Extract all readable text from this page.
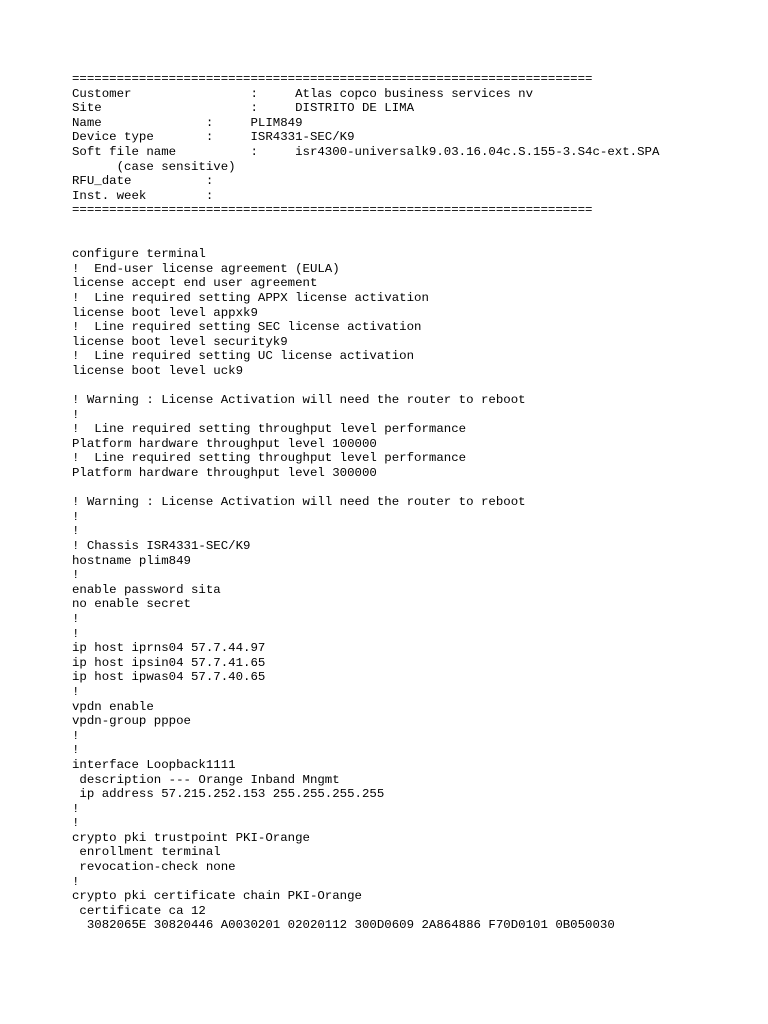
======================================================================
Customer                :     Atlas copco business services nv
Site                    :     DISTRITO DE LIMA
Name              :     PLIM849
Device type       :     ISR4331-SEC/K9
Soft file name          :     isr4300-universalk9.03.16.04c.S.155-3.S4c-ext.SPA
(case sensitive)
RFU_date          :
Inst. week        :
======================================================================
configure terminal
!  End-user license agreement (EULA)
license accept end user agreement
!  Line required setting APPX license activation
license boot level appxk9
!  Line required setting SEC license activation
license boot level securityk9
!  Line required setting UC license activation
license boot level uck9
! Warning : License Activation will need the router to reboot
!
!  Line required setting throughput level performance
Platform hardware throughput level 100000
!  Line required setting throughput level performance
Platform hardware throughput level 300000
! Warning : License Activation will need the router to reboot
!
!
! Chassis ISR4331-SEC/K9
hostname plim849
!
enable password sita
no enable secret
!
!
ip host iprns04 57.7.44.97
ip host ipsin04 57.7.41.65
ip host ipwas04 57.7.40.65
!
vpdn enable
vpdn-group pppoe
!
!
interface Loopback1111
description --- Orange Inband Mngmt
ip address 57.215.252.153 255.255.255.255
!
!
crypto pki trustpoint PKI-Orange
enrollment terminal
revocation-check none
!
crypto pki certificate chain PKI-Orange
certificate ca 12
3082065E 30820446 A0030201 02020112 300D0609 2A864886 F70D0101 0B050030
